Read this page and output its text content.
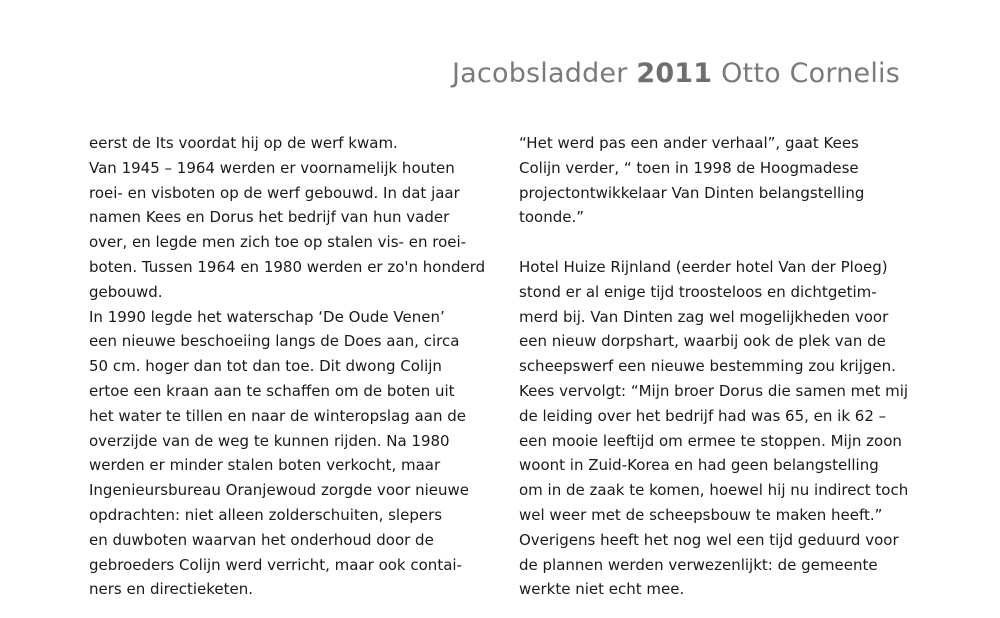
Jacobsladder 2011 Otto Cornelis
eerst de Its voordat hij op de werf kwam.
Van 1945 – 1964 werden er voornamelijk houten
roei- en visboten op de werf gebouwd. In dat jaar
namen Kees en Dorus het bedrijf van hun vader
over, en legde men zich toe op stalen vis- en roei-
boten. Tussen 1964 en 1980 werden er zo'n honderd
gebouwd.
In 1990 legde het waterschap ‘De Oude Venen’
een nieuwe beschoeiing langs de Does aan, circa
50 cm. hoger dan tot dan toe. Dit dwong Colijn
ertoe een kraan aan te schaffen om de boten uit
het water te tillen en naar de winteropslag aan de
overzijde van de weg te kunnen rijden. Na 1980
werden er minder stalen boten verkocht, maar
Ingenieursbureau Oranjewoud zorgde voor nieuwe
opdrachten: niet alleen zolderschuiten, slepers
en duwboten waarvan het onderhoud door de
gebroeders Colijn werd verricht, maar ook contai-
ners en directieketen.
“Het werd pas een ander verhaal”, gaat Kees
Colijn verder, “ toen in 1998 de Hoogmadese
projectontwikkelaar Van Dinten belangstelling
toonde.”
Hotel Huize Rijnland (eerder hotel Van der Ploeg)
stond er al enige tijd troosteloos en dichtgetim-
merd bij. Van Dinten zag wel mogelijkheden voor
een nieuw dorpshart, waarbij ook de plek van de
scheepswerf een nieuwe bestemming zou krijgen.
Kees vervolgt: “Mijn broer Dorus die samen met mij
de leiding over het bedrijf had was 65, en ik 62 –
een mooie leeftijd om ermee te stoppen. Mijn zoon
woont in Zuid-Korea en had geen belangstelling
om in de zaak te komen, hoewel hij nu indirect toch
wel weer met de scheepsbouw te maken heeft.”
Overigens heeft het nog wel een tijd geduurd voor
de plannen werden verwezenlijkt: de gemeente
werkte niet echt mee.
